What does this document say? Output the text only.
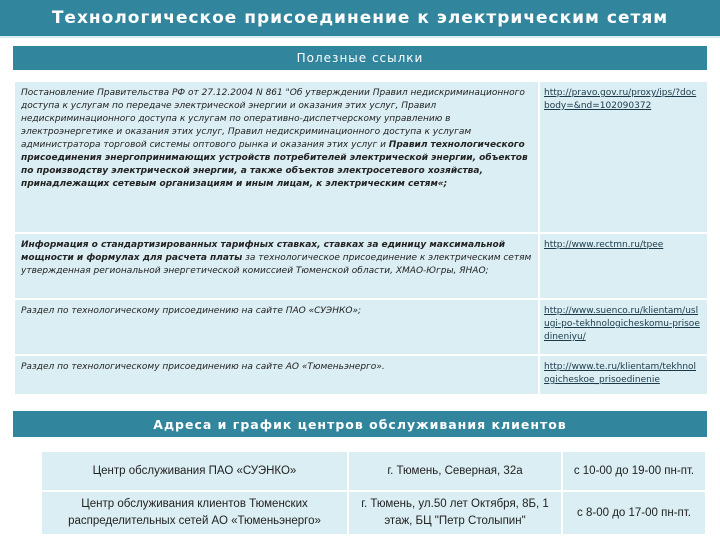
Технологическое присоединение к электрическим сетям
Полезные ссылки
Постановление Правительства РФ от 27.12.2004 N 861 "Об утверждении Правил недискриминационного доступа к услугам по передаче электрической энергии и оказания этих услуг, Правил недискриминационного доступа к услугам по оперативно-диспетчерскому управлению в электроэнергетике и оказания этих услуг, Правил недискриминационного доступа к услугам администратора торговой системы оптового рынка и оказания этих услуг и Правил технологического присоединения энергопринимающих устройств потребителей электрической энергии, объектов по производству электрической энергии, а также объектов электросетевого хозяйства, принадлежащих сетевым организациям и иным лицам, к электрическим сетям«;	http://pravo.gov.ru/proxy/ips/?docbody=&nd=102090372
Информация о стандартизированных тарифных ставках, ставках за единицу максимальной мощности и формулах для расчета платы за технологическое присоединение к электрическим сетям утвержденная региональной энергетической комиссией Тюменской области, ХМАО-Югры, ЯНАО;	http://www.rectmn.ru/tpee
Раздел по технологическому присоединению на сайте ПАО «СУЭНКО»;	http://www.suenco.ru/klientam/uslugi-po-tekhnologicheskomu-prisoedineniyu/
Раздел по технологическому присоединению на сайте АО «Тюменьэнерго».	http://www.te.ru/klientam/tekhnologicheskoe_prisoedinenie
Адреса и график центров обслуживания клиентов
Центр обслуживания ПАО «СУЭНКО»	г. Тюмень, Северная, 32а	с 10-00 до 19-00 пн-пт.
Центр обслуживания клиентов Тюменских распределительных сетей АО «Тюменьэнерго»	г. Тюмень, ул.50 лет Октября, 8Б, 1 этаж, БЦ "Петр Столыпин"	с 8-00 до 17-00 пн-пт.
